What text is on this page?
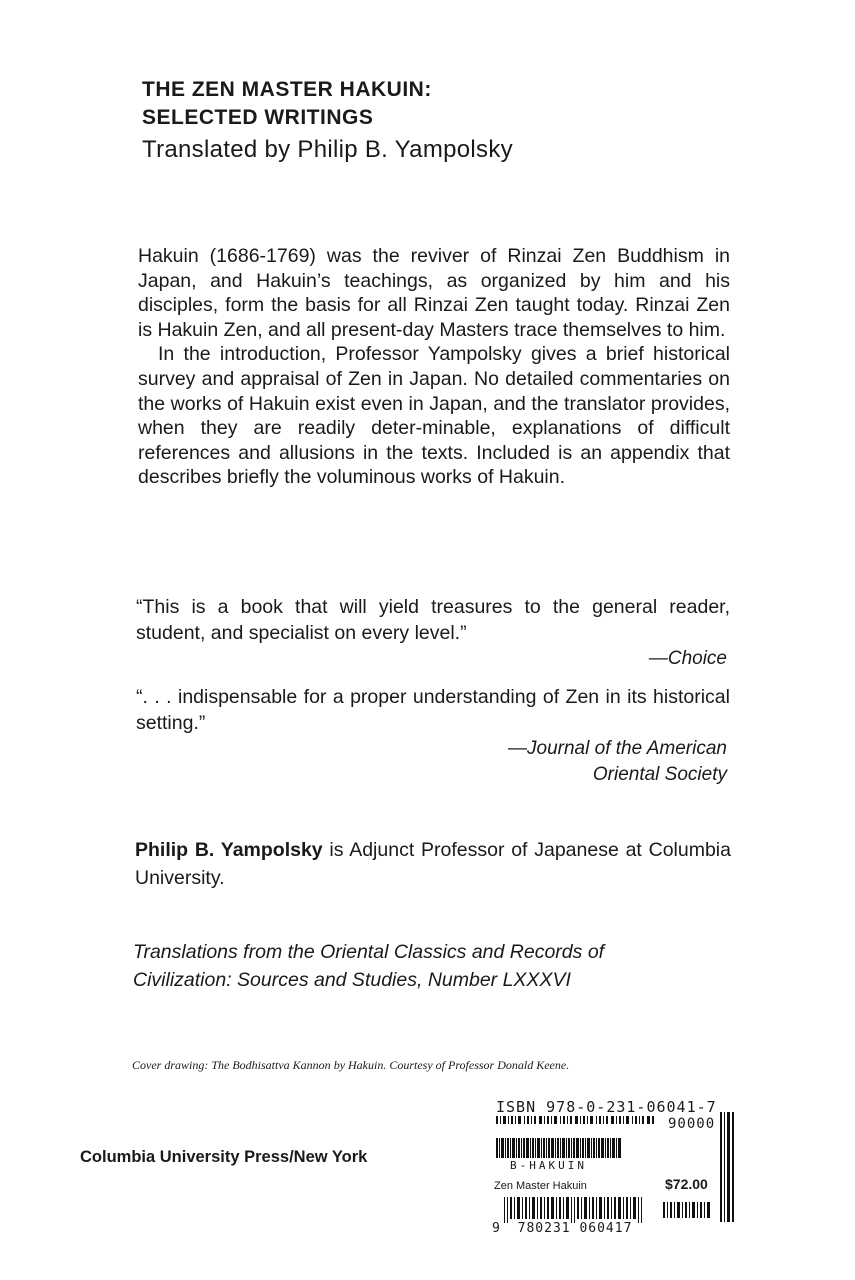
THE ZEN MASTER HAKUIN:
SELECTED WRITINGS
Translated by Philip B. Yampolsky

Hakuin (1686-1769) was the reviver of Rinzai Zen Buddhism in Japan, and Hakuin’s teachings, as organized by him and his disciples, form the basis for all Rinzai Zen taught today. Rinzai Zen is Hakuin Zen, and all present-day Masters trace themselves to him.

In the introduction, Professor Yampolsky gives a brief historical survey and appraisal of Zen in Japan. No detailed commentaries on the works of Hakuin exist even in Japan, and the translator provides, when they are readily deter-minable, explanations of difficult references and allusions in the texts. Included is an appendix that describes briefly the voluminous works of Hakuin.

“This is a book that will yield treasures to the general reader, student, and specialist on every level.”

—Choice

“. . . indispensable for a proper understanding of Zen in its historical setting.”

—Journal of the American
Oriental Society
Philip B. Yampolsky is Adjunct Professor of Japanese at Columbia University.
Translations from the Oriental Classics and Records of
Civilization: Sources and Studies, Number LXXXVI
Cover drawing: The Bodhisattva Kannon by Hakuin. Courtesy of Professor Donald Keene.
Columbia University Press/New York
ISBN 978-0-231-06041-7
90000
B-HAKUIN
Zen Master Hakuin	$72.00
9 780231 060417
